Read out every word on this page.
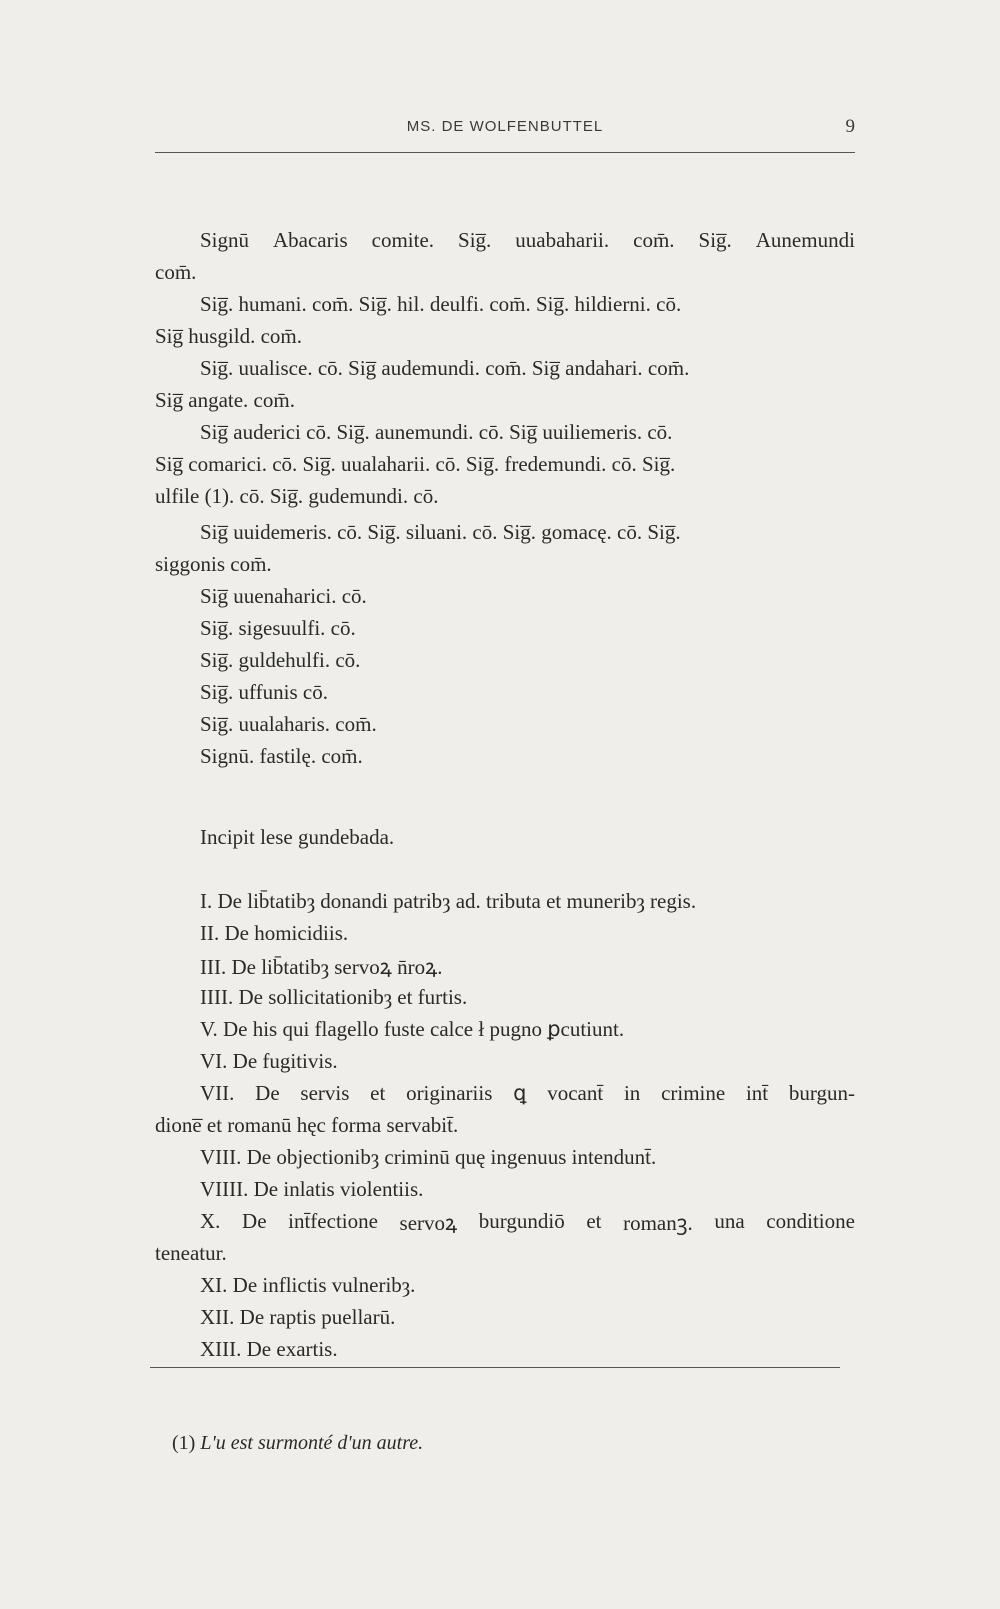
MS. DE WOLFENBUTTEL	9
Signū Abacaris comite. Sig̅. uuabaharii. com̄. Sig̅. Aunemundi
com̄.
Sig̅. humani. com̄. Sig̅. hil. deulfi. com̄. Sig̅. hildierni. cō.
Sig̅ husgild. com̄.
Sig̅. uualisce. cō. Sig̅ audemundi. com̄. Sig̅ andahari. com̄.
Sig̅ angate. com̄.
Sig̅ auderici cō. Sig̅. aunemundi. cō. Sig̅ uuiliemeris. cō.
Sig̅ comarici. cō. Sig̅. uualaharii. cō. Sig̅. fredemundi. cō. Sig̅.
ulfile (1). cō. Sig̅. gudemundi. cō.
Sig̅ uuidemeris. cō. Sig̅. siluani. cō. Sig̅. gomacę. cō. Sig̅.
siggonis com̄.
Sig̅ uuenaharici. cō.
Sig̅. sigesuulfi. cō.
Sig̅. guldehulfi. cō.
Sig̅. uffunis cō.
Sig̅. uualaharis. com̄.
Signū. fastilę. com̄.
Incipit lese gundebada.
I. De lib̄tatibȝ donandi patribȝ ad. tributa et muneribȝ regis.
II. De homicidiis.
III. De lib̄tatibȝ servoꝝ n̄roꝝ.
IIII. De sollicitationibȝ et furtis.
V. De his qui flagello fuste calce ł pugno ꝑcutiunt.
VI. De fugitivis.
VII. De servis et originariis ꝗ vocant̄ in crimine int̄ burgun-
dione̅ et romanū hęc forma servabit̄.
VIII. De objectionibȝ criminū quę ingenuus intendunt̄.
VIIII. De inlatis violentiis.
X. De int̄fectione servoꝝ burgundiō et romanꝫ. una conditione
teneatur.
XI. De inflictis vulneribȝ.
XII. De raptis puellarū.
XIII. De exartis.
(1) L'u est surmonté d'un autre.
